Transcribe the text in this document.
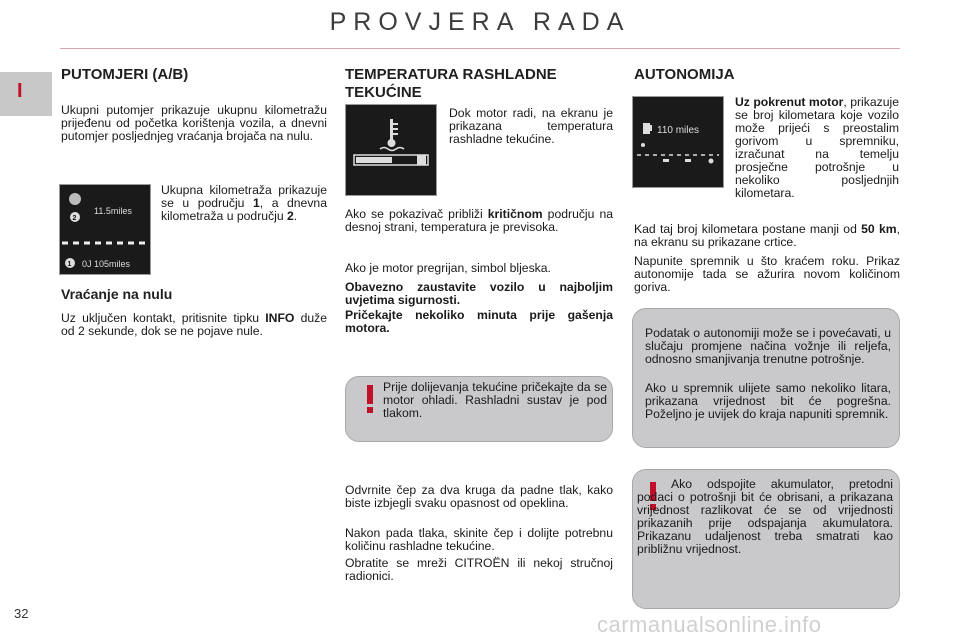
PROVJERA RADA
I
32	carmanualsonline.info
PUTOMJERI (A/B)
Ukupni putomjer prikazuje ukupnu kilometražu prijeđenu od početka korištenja vozila, a dnevni putomjer posljednjeg vraćanja brojača na nulu.
11.5miles
2
1 0J 105miles
Ukupna kilometraža prikazuje se u području 1, a dnevna kilometraža u području 2.
Vraćanje na nulu
Uz uključen kontakt, pritisnite tipku INFO duže od 2 sekunde, dok se ne pojave nule.
TEMPERATURA RASHLADNE TEKUĆINE
Dok motor radi, na ekranu je prikazana temperatura rashladne tekućine.
Ako se pokazivač približi kritičnom području na desnoj strani, temperatura je previsoka.
Ako je motor pregrijan, simbol bljeska.
Obavezno zaustavite vozilo u najboljim uvjetima sigurnosti.
Pričekajte nekoliko minuta prije gašenja motora.
Prije dolijevanja tekućine pričekajte da se motor ohladi. Rashladni sustav je pod tlakom.
Odvrnite čep za dva kruga da padne tlak, kako biste izbjegli svaku opasnost od opeklina.
Nakon pada tlaka, skinite čep i dolijte potrebnu količinu rashladne tekućine.
Obratite se mreži CITROËN ili nekoj stručnoj radionici.
AUTONOMIJA
110 miles
Uz pokrenut motor, prikazuje se broj kilometara koje vozilo može prijeći s preostalim gorivom u spremniku, izračunat na temelju prosječne potrošnje u nekoliko posljednjih kilometara.
Kad taj broj kilometara postane manji od 50 km, na ekranu su prikazane crtice.
Napunite spremnik u što kraćem roku. Prikaz autonomije tada se ažurira novom količinom goriva.
Podatak o autonomiji može se i povećavati, u slučaju promjene načina vožnje ili reljefa, odnosno smanjivanja trenutne potrošnje.
Ako u spremnik ulijete samo nekoliko litara, prikazana vrijednost bit će pogrešna. Poželjno je uvijek do kraja napuniti spremnik.
Ako odspojite akumulator, pretodni podaci o potrošnji bit će obrisani, a prikazana vrijednost razlikovat će se od vrijednosti prikazanih prije odspajanja akumulatora. Prikazanu udaljenost treba smatrati kao približnu vrijednost.
